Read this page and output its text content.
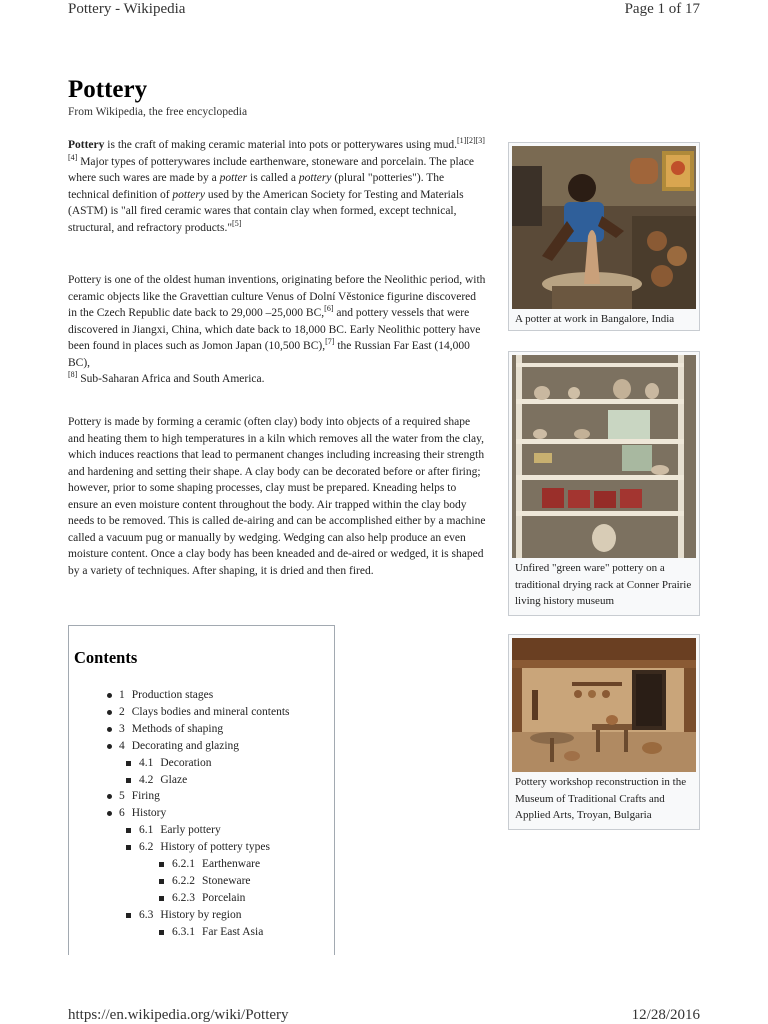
Pottery - Wikipedia	Page 1 of 17
Pottery
From Wikipedia, the free encyclopedia

Pottery is the craft of making ceramic material into pots or potterywares using mud.[1][2][3][4] Major types of potterywares include earthenware, stoneware and porcelain. The place where such wares are made by a potter is called a pottery (plural "potteries"). The technical definition of pottery used by the American Society for Testing and Materials (ASTM) is "all fired ceramic wares that contain clay when formed, except technical, structural, and refractory products."[5]

Pottery is one of the oldest human inventions, originating before the Neolithic period, with ceramic objects like the Gravettian culture Venus of Dolní Věstonice figurine discovered in the Czech Republic date back to 29,000 –25,000 BC,[6] and pottery vessels that were discovered in Jiangxi, China, which date back to 18,000 BC. Early Neolithic pottery have been found in places such as Jomon Japan (10,500 BC),[7] the Russian Far East (14,000 BC),
[8] Sub-Saharan Africa and South America.

Pottery is made by forming a ceramic (often clay) body into objects of a required shape and heating them to high temperatures in a kiln which removes all the water from the clay, which induces reactions that lead to permanent changes including increasing their strength and hardening and setting their shape. A clay body can be decorated before or after firing; however, prior to some shaping processes, clay must be prepared. Kneading helps to ensure an even moisture content throughout the body. Air trapped within the clay body needs to be removed. This is called de-airing and can be accomplished either by a machine called a vacuum pug or manually by wedging. Wedging can also help produce an even moisture content. Once a clay body has been kneaded and de-aired or wedged, it is shaped by a variety of techniques. After shaping, it is dried and then fired.

A potter at work in Bangalore, India
Unfired "green ware" pottery on a traditional drying rack at Conner Prairie living history museum
Pottery workshop reconstruction in the Museum of Traditional Crafts and Applied Arts, Troyan, Bulgaria
Contents
1 Production stages
2 Clays bodies and mineral contents
3 Methods of shaping
4 Decorating and glazing
4.1 Decoration
4.2 Glaze
5 Firing
6 History
6.1 Early pottery
6.2 History of pottery types
6.2.1 Earthenware
6.2.2 Stoneware
6.2.3 Porcelain
6.3 History by region
6.3.1 Far East Asia
https://en.wikipedia.org/wiki/Pottery	12/28/2016
